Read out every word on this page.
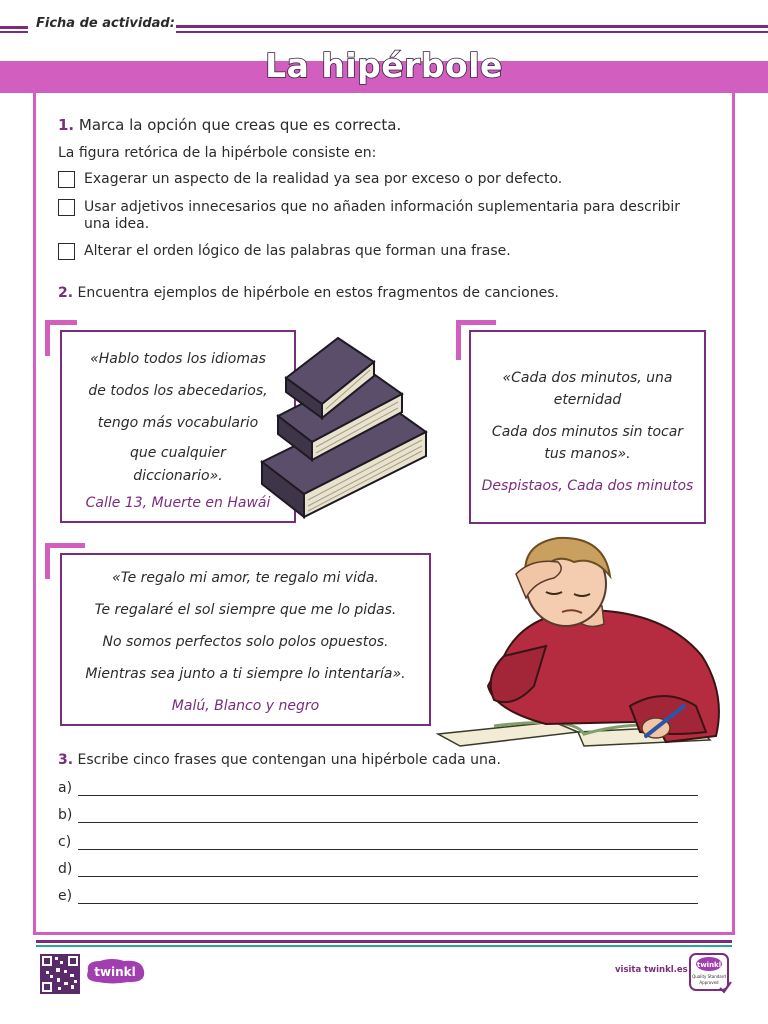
Ficha de actividad:
La hipérbole
1. Marca la opción que creas que es correcta.
La figura retórica de la hipérbole consiste en:
Exagerar un aspecto de la realidad ya sea por exceso o por defecto.
Usar adjetivos innecesarios que no añaden información suplementaria para describir una idea.
Alterar el orden lógico de las palabras que forman una frase.
2. Encuentra ejemplos de hipérbole en estos fragmentos de canciones.
«Hablo todos los idiomas
de todos los abecedarios,
tengo más vocabulario
que cualquier
diccionario».
Calle 13, Muerte en Hawái
«Cada dos minutos, una
eternidad
Cada dos minutos sin tocar
tus manos».
Despistaos, Cada dos minutos
«Te regalo mi amor, te regalo mi vida.
Te regalaré el sol siempre que me lo pidas.
No somos perfectos solo polos opuestos.
Mientras sea junto a ti siempre lo intentaría».
Malú, Blanco y negro
3. Escribe cinco frases que contengan una hipérbole cada una.
a)
b)
c)
d)
e)
twinkl	visita twinkl.es twinkl
Quality Standard
Approved
